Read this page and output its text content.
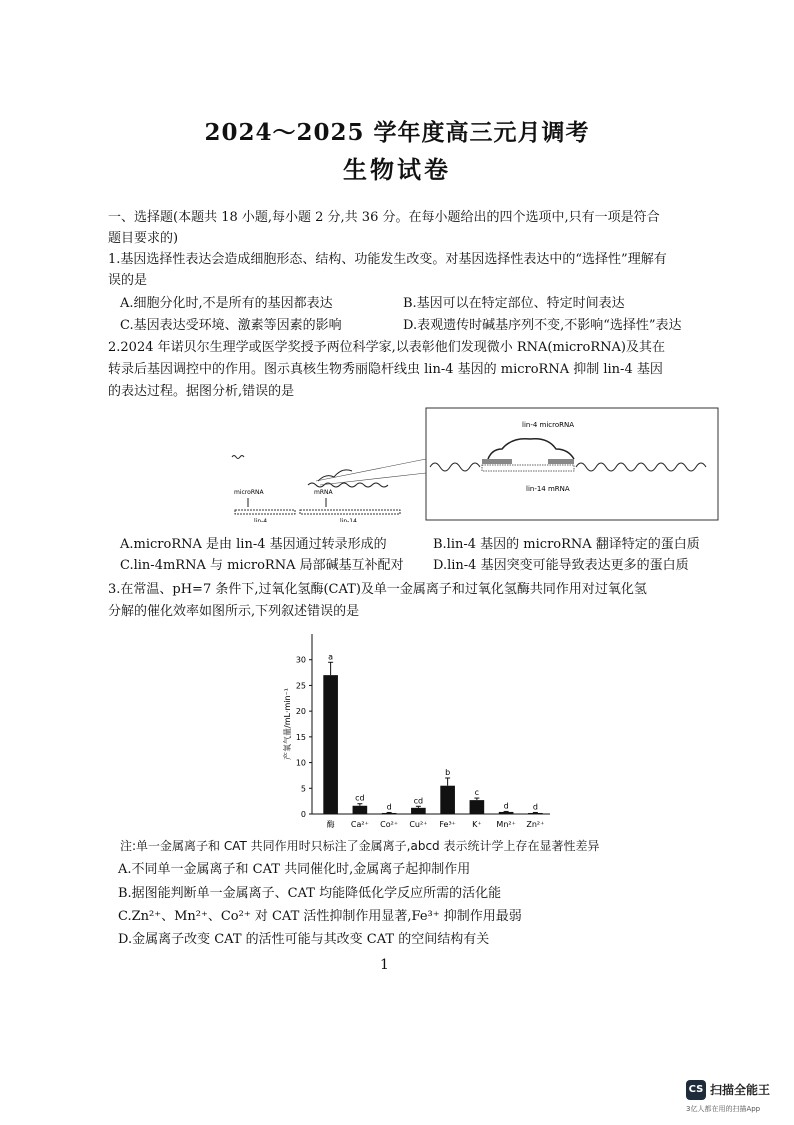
2024～2025 学年度高三元月调考
生物试卷
一、选择题(本题共 18 小题,每小题 2 分,共 36 分。在每小题给出的四个选项中,只有一项是符合
题目要求的)
1.基因选择性表达会造成细胞形态、结构、功能发生改变。对基因选择性表达中的“选择性”理解有
误的是
A.细胞分化时,不是所有的基因都表达	B.基因可以在特定部位、特定时间表达
C.基因表达受环境、激素等因素的影响	D.表观遗传时碱基序列不变,不影响“选择性”表达
2.2024 年诺贝尔生理学或医学奖授予两位科学家,以表彰他们发现微小 RNA(microRNA)及其在
转录后基因调控中的作用。图示真核生物秀丽隐杆线虫 lin-4 基因的 microRNA 抑制 lin-4 基因
的表达过程。据图分析,错误的是
microRNA
lin-4
mRNA
lin-14
lin-4 microRNA
lin-14 mRNA
A.microRNA 是由 lin-4 基因通过转录形成的	B.lin-4 基因的 microRNA 翻译特定的蛋白质
C.lin-4mRNA 与 microRNA 局部碱基互补配对 D.lin-4 基因突变可能导致表达更多的蛋白质
3.在常温、pH=7 条件下,过氧化氢酶(CAT)及单一金属离子和过氧化氢酶共同作用对过氧化氢
分解的催化效率如图所示,下列叙述错误的是
0
5
10
15
20
25
30
产氧气量/mL·min⁻¹
a
酶
cd
Ca²⁺
d
Co²⁺
cd
Cu²⁺
b
Fe³⁺
c
K⁺
d
Mn²⁺
d
Zn²⁺
注:单一金属离子和 CAT 共同作用时只标注了金属离子,abcd 表示统计学上存在显著性差异
A.不同单一金属离子和 CAT 共同催化时,金属离子起抑制作用
B.据图能判断单一金属离子、CAT 均能降低化学反应所需的活化能
C.Zn²⁺、Mn²⁺、Co²⁺ 对 CAT 活性抑制作用显著,Fe³⁺ 抑制作用最弱
D.金属离子改变 CAT 的活性可能与其改变 CAT 的空间结构有关
1
CS 扫描全能王
3亿人都在用的扫描App
